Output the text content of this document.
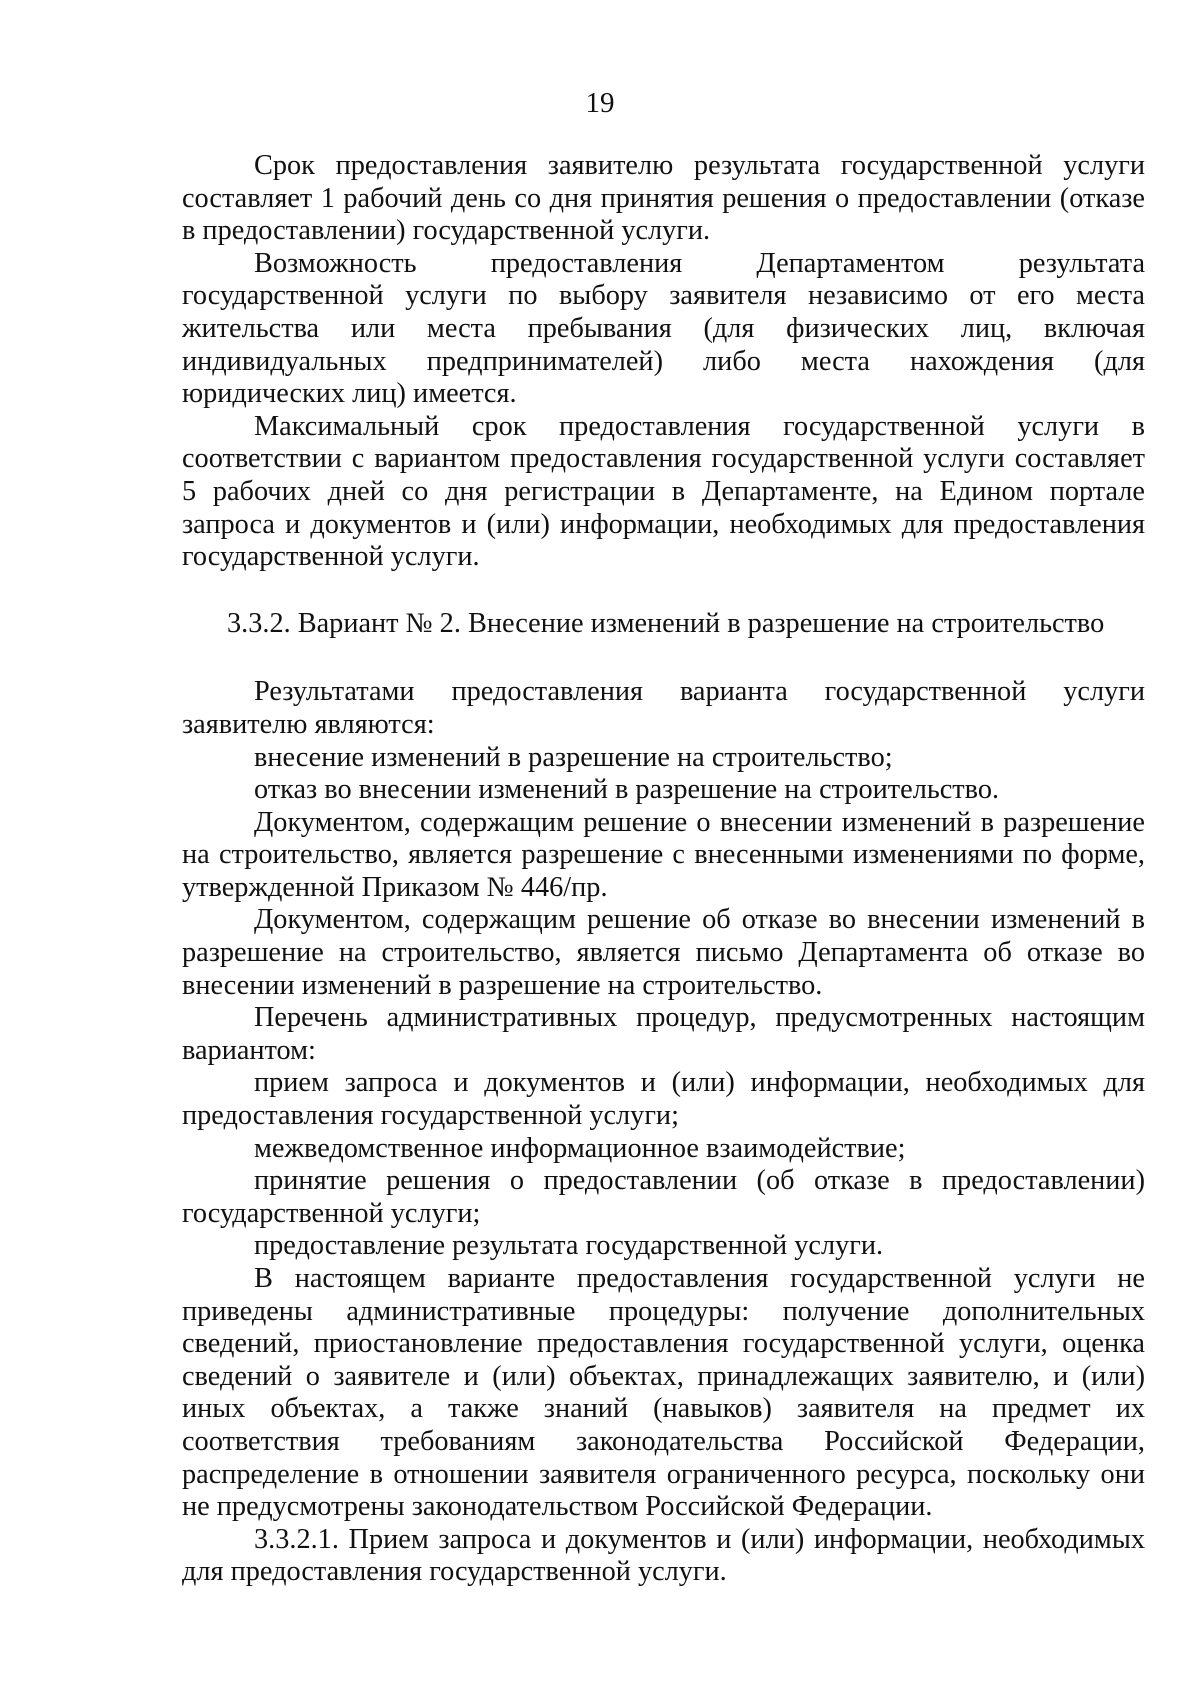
19

Срок предоставления заявителю результата государственной услуги составляет 1 рабочий день со дня принятия решения о предоставлении (отказе в предоставлении) государственной услуги.

Возможность предоставления Департаментом результата государственной услуги по выбору заявителя независимо от его места жительства или места пребывания (для физических лиц, включая индивидуальных предпринимателей) либо места нахождения (для юридических лиц) имеется.

Максимальный срок предоставления государственной услуги в соответствии с вариантом предоставления государственной услуги составляет 5 рабочих дней со дня регистрации в Департаменте, на Едином портале запроса и документов и (или) информации, необходимых для предоставления государственной услуги.

3.3.2. Вариант № 2. Внесение изменений в разрешение на строительство

Результатами предоставления варианта государственной услуги заявителю являются:

внесение изменений в разрешение на строительство;

отказ во внесении изменений в разрешение на строительство.

Документом, содержащим решение о внесении изменений в разрешение на строительство, является разрешение с внесенными изменениями по форме, утвержденной Приказом № 446/пр.

Документом, содержащим решение об отказе во внесении изменений в разрешение на строительство, является письмо Департамента об отказе во внесении изменений в разрешение на строительство.

Перечень административных процедур, предусмотренных настоящим вариантом:

прием запроса и документов и (или) информации, необходимых для предоставления государственной услуги;

межведомственное информационное взаимодействие;

принятие решения о предоставлении (об отказе в предоставлении) государственной услуги;

предоставление результата государственной услуги.

В настоящем варианте предоставления государственной услуги не приведены административные процедуры: получение дополнительных сведений, приостановление предоставления государственной услуги, оценка сведений о заявителе и (или) объектах, принадлежащих заявителю, и (или) иных объектах, а также знаний (навыков) заявителя на предмет их соответствия требованиям законодательства Российской Федерации, распределение в отношении заявителя ограниченного ресурса, поскольку они не предусмотрены законодательством Российской Федерации.

3.3.2.1. Прием запроса и документов и (или) информации, необходимых для предоставления государственной услуги.
